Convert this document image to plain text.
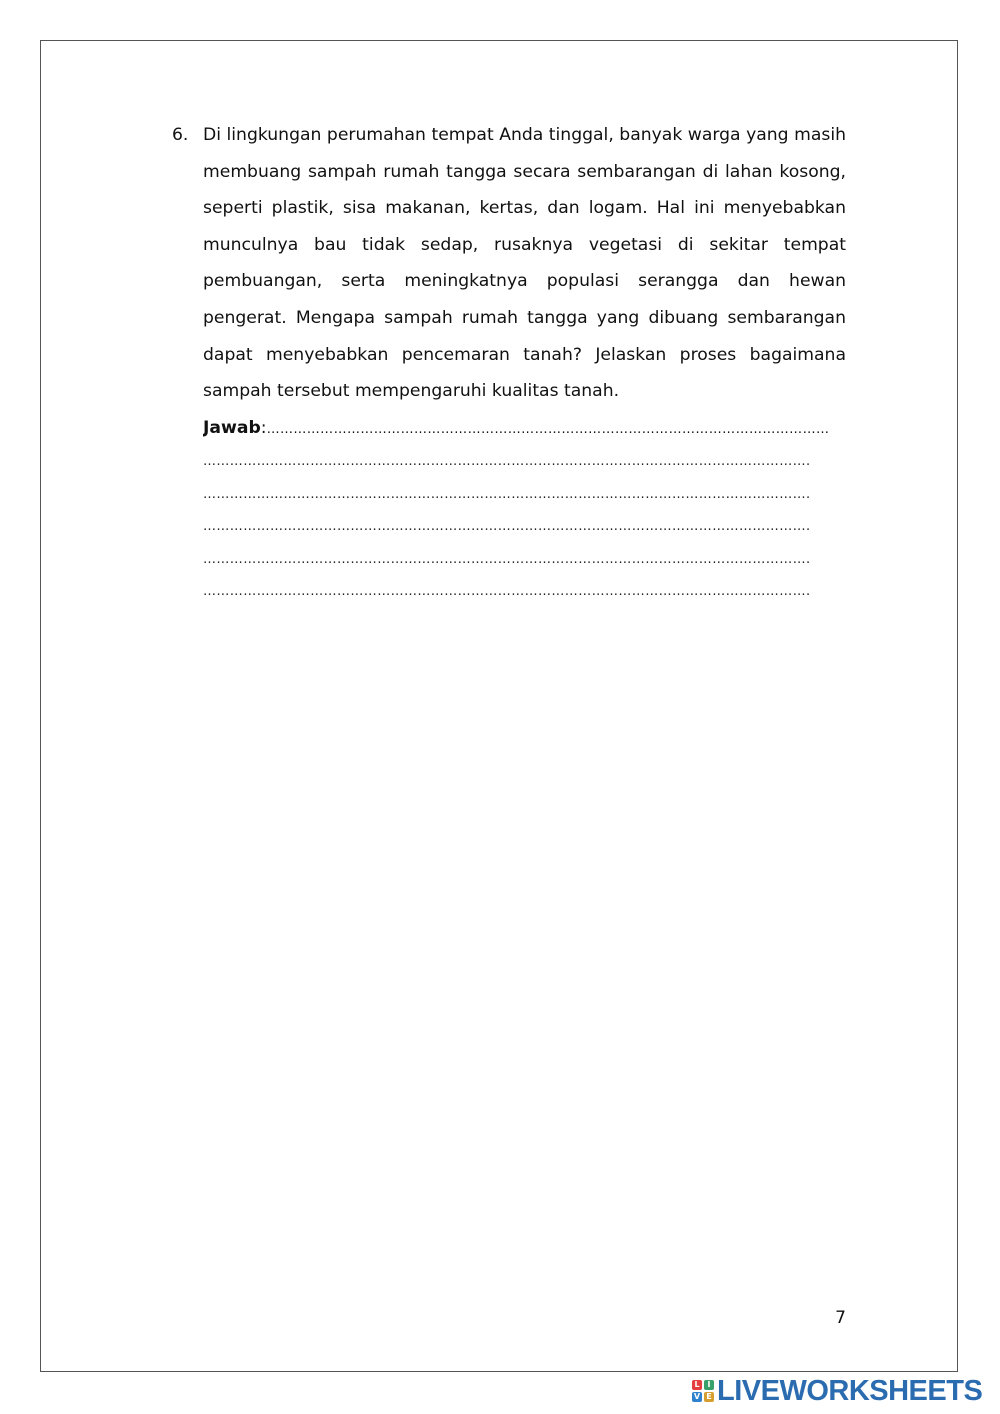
6. Di lingkungan perumahan tempat Anda tinggal, banyak warga yang masih membuang sampah rumah tangga secara sembarangan di lahan kosong, seperti plastik, sisa makanan, kertas, dan logam. Hal ini menyebabkan munculnya bau tidak sedap, rusaknya vegetasi di sekitar tempat pembuangan, serta meningkatnya populasi serangga dan hewan pengerat. Mengapa sampah rumah tangga yang dibuang sembarangan dapat menyebabkan pencemaran tanah? Jelaskan proses bagaimana sampah tersebut mempengaruhi kualitas tanah.
Jawab:………………………………………………………………………………………………………………
……………………………………………………………………………………………………………………….
……………………………………………………………………………………………………………………….
……………………………………………………………………………………………………………………….
……………………………………………………………………………………………………………………….
……………………………………………………………………………………………………………………….
7
L I
V E LIVEWORKSHEETS
